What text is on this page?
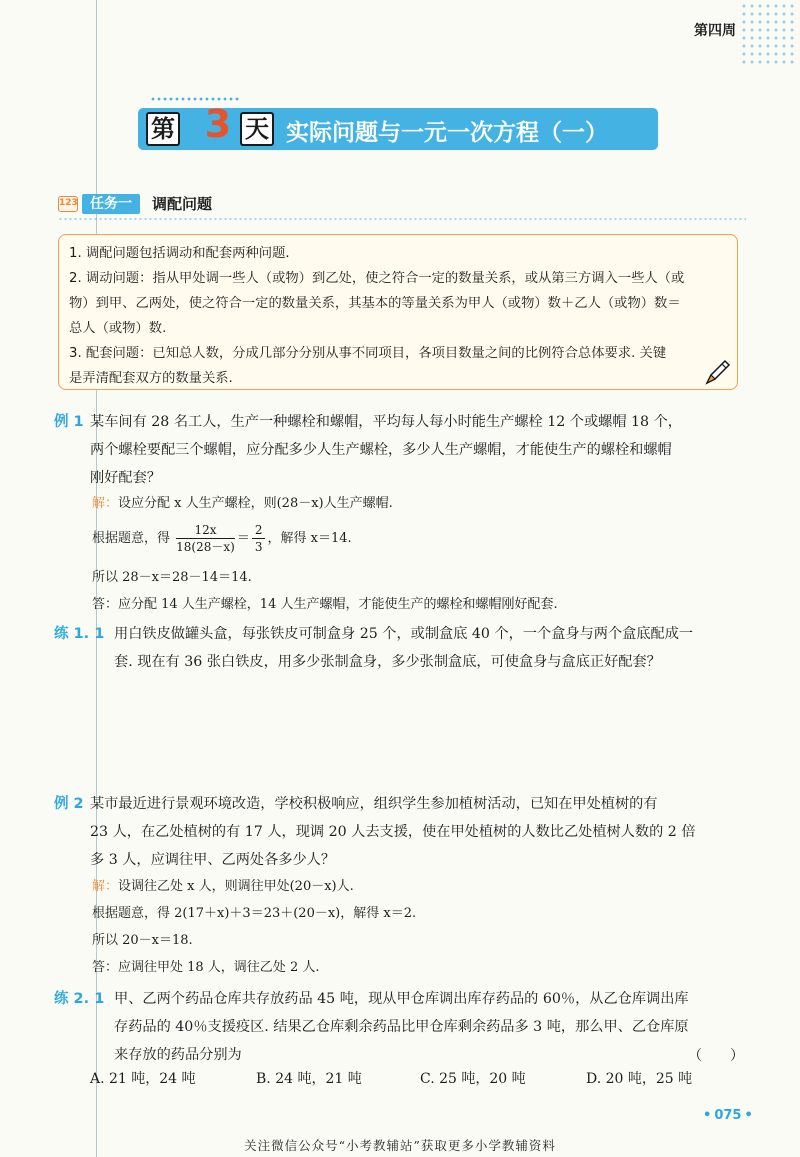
第四周
第 3 天 实际问题与一元一次方程（一）
123 任务一	调配问题
1. 调配问题包括调动和配套两种问题.
2. 调动问题：指从甲处调一些人（或物）到乙处，使之符合一定的数量关系，或从第三方调入一些人（或
物）到甲、乙两处，使之符合一定的数量关系，其基本的等量关系为甲人（或物）数＋乙人（或物）数＝
总人（或物）数.
3. 配套问题：已知总人数，分成几部分分别从事不同项目，各项目数量之间的比例符合总体要求. 关键
是弄清配套双方的数量关系.
例 1 某车间有 28 名工人，生产一种螺栓和螺帽，平均每人每小时能生产螺栓 12 个或螺帽 18 个，
两个螺栓要配三个螺帽，应分配多少人生产螺栓，多少人生产螺帽，才能使生产的螺栓和螺帽
刚好配套？
解：设应分配 x 人生产螺栓，则(28－x)人生产螺帽.
根据题意，得 $\frac{12x}{18(28-x)} = \frac{2}{3}$ ，解得 x＝14.
所以 28－x＝28－14＝14.
答：应分配 14 人生产螺栓，14 人生产螺帽，才能使生产的螺栓和螺帽刚好配套.
练 1. 1 用白铁皮做罐头盒，每张铁皮可制盒身 25 个，或制盒底 40 个，一个盒身与两个盒底配成一
套. 现在有 36 张白铁皮，用多少张制盒身，多少张制盒底，可使盒身与盒底正好配套？
例 2 某市最近进行景观环境改造，学校积极响应，组织学生参加植树活动，已知在甲处植树的有
23 人，在乙处植树的有 17 人，现调 20 人去支援，使在甲处植树的人数比乙处植树人数的 2 倍
多 3 人，应调往甲、乙两处各多少人？
解：设调往乙处 x 人，则调往甲处(20－x)人.
根据题意，得 2(17＋x)＋3＝23＋(20－x)，解得 x＝2.
所以 20－x＝18.
答：应调往甲处 18 人，调往乙处 2 人.
练 2. 1 甲、乙两个药品仓库共存放药品 45 吨，现从甲仓库调出库存药品的 60％，从乙仓库调出库
存药品的 40％支援疫区. 结果乙仓库剩余药品比甲仓库剩余药品多 3 吨，那么甲、乙仓库原
来存放的药品分别为	（　　）
A. 21 吨，24 吨	B. 24 吨，21 吨	C. 25 吨，20 吨	D. 20 吨，25 吨
• 075 •
关注微信公众号“小考教辅站”获取更多小学教辅资料
